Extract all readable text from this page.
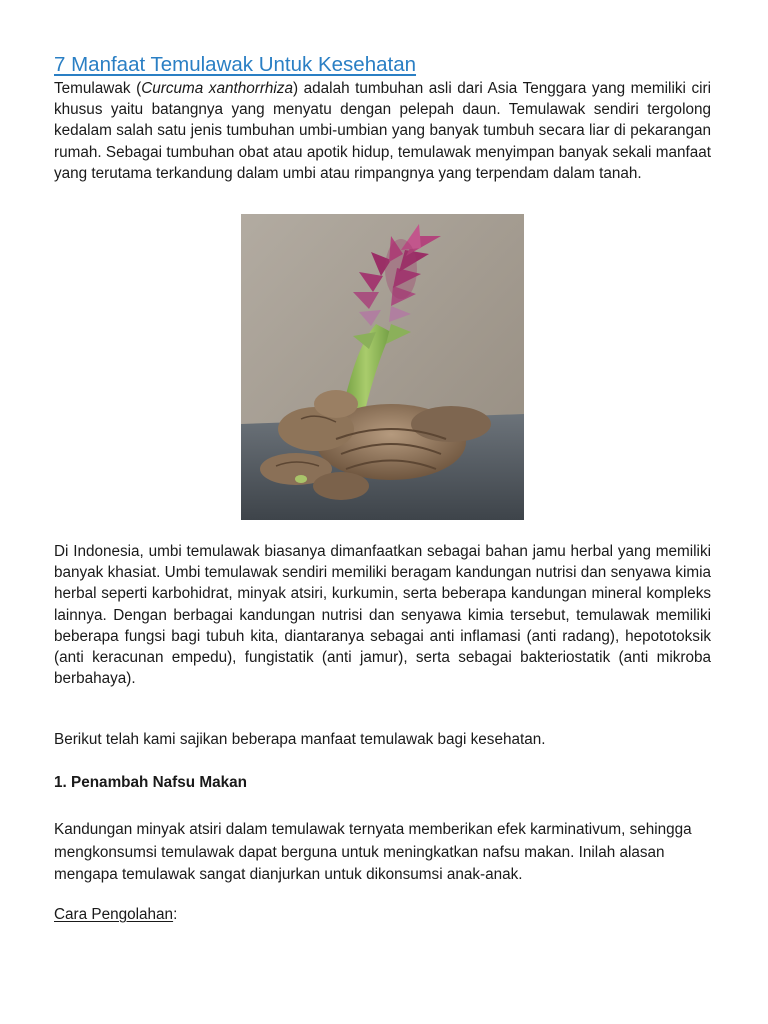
7 Manfaat Temulawak Untuk Kesehatan

Temulawak (Curcuma xanthorrhiza) adalah tumbuhan asli dari Asia Tenggara yang memiliki ciri khusus yaitu batangnya yang menyatu dengan pelepah daun. Temulawak sendiri tergolong kedalam salah satu jenis tumbuhan umbi-umbian yang banyak tumbuh secara liar di pekarangan rumah. Sebagai tumbuhan obat atau apotik hidup, temulawak menyimpan banyak sekali manfaat yang terutama terkandung dalam umbi atau rimpangnya yang terpendam dalam tanah.

Di Indonesia, umbi temulawak biasanya dimanfaatkan sebagai bahan jamu herbal yang memiliki banyak khasiat. Umbi temulawak sendiri memiliki beragam kandungan nutrisi dan senyawa kimia herbal seperti karbohidrat, minyak atsiri, kurkumin, serta beberapa kandungan mineral kompleks lainnya. Dengan berbagai kandungan nutrisi dan senyawa kimia tersebut, temulawak memiliki beberapa fungsi bagi tubuh kita, diantaranya sebagai anti inflamasi (anti radang), hepototoksik (anti keracunan empedu), fungistatik (anti jamur), serta sebagai bakteriostatik (anti mikroba berbahaya).

Berikut telah kami sajikan beberapa manfaat temulawak bagi kesehatan.

1. Penambah Nafsu Makan

Kandungan minyak atsiri dalam temulawak ternyata memberikan efek karminativum, sehingga mengkonsumsi temulawak dapat berguna untuk meningkatkan nafsu makan. Inilah alasan mengapa temulawak sangat dianjurkan untuk dikonsumsi anak-anak.

Cara Pengolahan:
